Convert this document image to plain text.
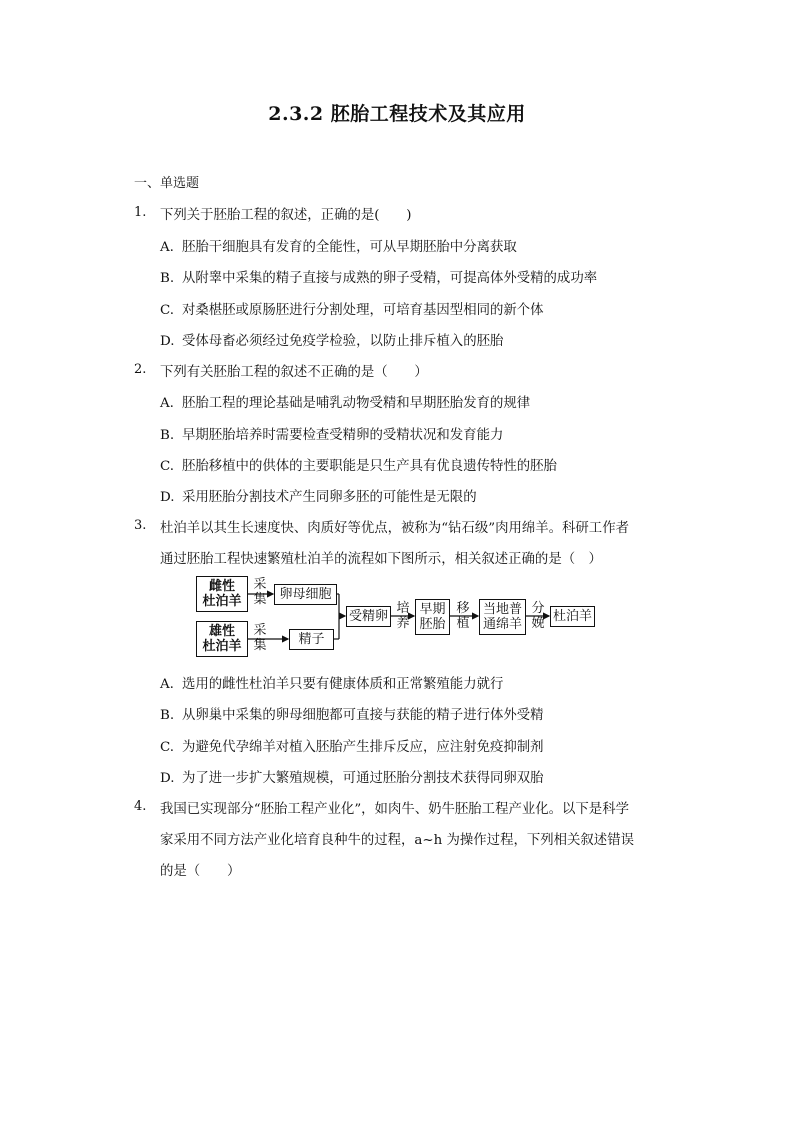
2.3.2 胚胎工程技术及其应用
一、单选题
1. 下列关于胚胎工程的叙述，正确的是(　　)
A. 胚胎干细胞具有发育的全能性，可从早期胚胎中分离获取
B. 从附睾中采集的精子直接与成熟的卵子受精，可提高体外受精的成功率
C. 对桑椹胚或原肠胚进行分割处理，可培育基因型相同的新个体
D. 受体母畜必须经过免疫学检验，以防止排斥植入的胚胎
2. 下列有关胚胎工程的叙述不正确的是（　　）
A. 胚胎工程的理论基础是哺乳动物受精和早期胚胎发育的规律
B. 早期胚胎培养时需要检查受精卵的受精状况和发育能力
C. 胚胎移植中的供体的主要职能是只生产具有优良遗传特性的胚胎
D. 采用胚胎分割技术产生同卵多胚的可能性是无限的
3. 杜泊羊以其生长速度快、肉质好等优点，被称为“钻石级”肉用绵羊。科研工作者
通过胚胎工程快速繁殖杜泊羊的流程如下图所示，相关叙述正确的是（　）
雌性
杜泊羊
采
集 卵母细胞
雄性
杜泊羊
采
集	精子
受精卵
培
养
早期
胚胎
移
植
当地普
通绵羊
分
娩 杜泊羊
A. 选用的雌性杜泊羊只要有健康体质和正常繁殖能力就行
B. 从卵巢中采集的卵母细胞都可直接与获能的精子进行体外受精
C. 为避免代孕绵羊对植入胚胎产生排斥反应，应注射免疫抑制剂
D. 为了进一步扩大繁殖规模，可通过胚胎分割技术获得同卵双胎
4. 我国已实现部分“胚胎工程产业化”，如肉牛、奶牛胚胎工程产业化。以下是科学
家采用不同方法产业化培育良种牛的过程，a~h 为操作过程，下列相关叙述错误
的是（　　）
